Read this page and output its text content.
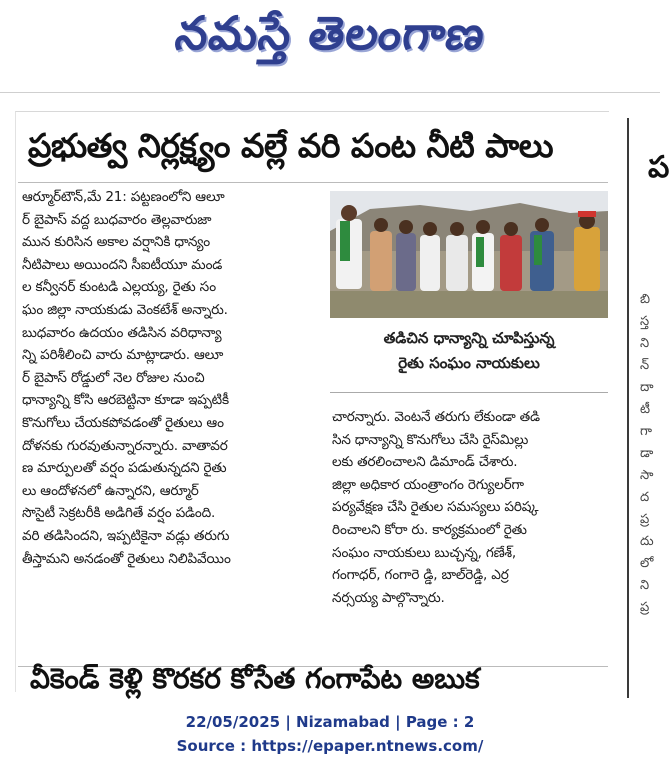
నమస్తే తెలంగాణ
ప
బి
స్త
ని
న్
దా
టీ
గా
డా
సా
ద
ప్ర
దు
లో
ని
ప్ర
ప్రభుత్వ నిర్లక్ష్యం వల్లే వరి పంట నీటి పాలు
ఆర్మూర్‌టౌన్‌,మే 21: పట్టణంలోని ఆలూ
ర్ బైపాస్ వద్ద బుధవారం తెల్లవారుజా
మున కురిసిన అకాల వర్షానికి ధాన్యం
నీటిపాలు అయిందని సీఐటీయూ మండ
ల కన్వీనర్ కుంటడి ఎల్లయ్య, రైతు సం
ఘం జిల్లా నాయకుడు వెంకటేశ్ అన్నారు.
బుధవారం ఉదయం తడిసిన వరిధాన్యా
న్ని పరిశీలించి వారు మాట్లాడారు. ఆలూ
ర్ బైపాస్ రోడ్డులో నెల రోజుల నుంచి
ధాన్యాన్ని కోసి ఆరబెట్టినా కూడా ఇప్పటికీ
కొనుగోలు చేయకపోవడంతో రైతులు ఆం
దోళనకు గురవుతున్నారన్నారు. వాతావర
ణ మార్పులతో వర్షం పడుతున్నదని రైతు
లు ఆందోళనలో ఉన్నారని, ఆర్మూర్
సొసైటీ సెక్రటరీకి అడిగితే వర్షం పడింది.
వరి తడిసిందని, ఇప్పటికైనా వడ్లు తరుగు
తీస్తామని అనడంతో రైతులు నిలిపివేయిం
తడిచిన ధాన్యాన్ని చూపిస్తున్న
రైతు సంఘం నాయకులు
చారన్నారు. వెంటనే తరుగు లేకుండా తడి
సిన ధాన్యాన్ని కొనుగోలు చేసి రైస్‌మిల్లు
లకు తరలించాలని డిమాండ్ చేశారు.
జిల్లా అధికార యంత్రాంగం రెగ్యులర్‌గా
పర్యవేక్షణ చేసి రైతుల సమస్యలు పరిష్క
రించాలని కోరా రు. కార్యక్రమంలో రైతు
సంఘం నాయకులు బుచ్చన్న, గణేశ్,
గంగాధర్, గంగారె డ్డి, బాల్‌రెడ్డి, ఎర్ర
నర్సయ్య పాల్గొన్నారు.
వీకెండ్ కెళ్లి కొరకర కోసేత గంగాపేట అబుక
22/05/2025 | Nizamabad | Page : 2
Source : https://epaper.ntnews.com/
